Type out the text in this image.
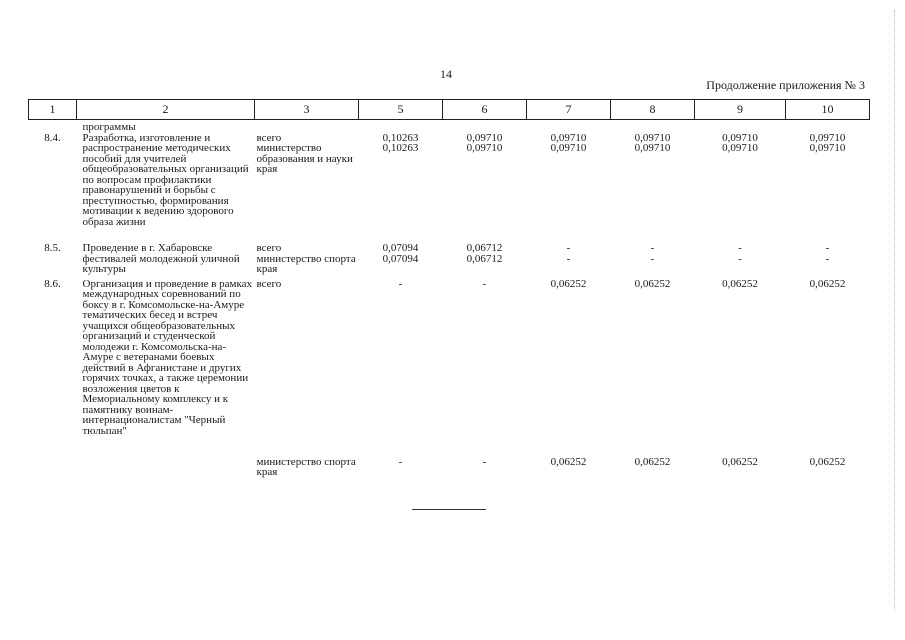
14
Продолжение приложения № 3
1	2	3	5	6	7	8	9	10
	программы							
8.4.	Разработка, изготовление и распространение методических пособий для учителей общеобразовательных организаций по вопросам профилактики правонарушений и борьбы с преступностью, формирования мотивации к ведению здорового образа жизни	всего	0,10263	0,09710	0,09710	0,09710	0,09710	0,09710
		министерство образования и науки края	0,10263	0,09710	0,09710	0,09710	0,09710	0,09710

8.5.	Проведение в г. Хабаровске фестивалей молодежной уличной культуры	всего	0,07094	0,06712	-	-	-	-
		министерство спорта края	0,07094	0,06712	-	-	-	-

8.6.	Организация и проведение в рамках международных соревнований по боксу в г. Комсомольске-на-Амуре тематических бесед и встреч учащихся общеобразовательных организаций и студенческой молодежи г. Комсомольска-на-Амуре с ветеранами боевых действий в Афганистане и других горячих точках, а также церемонии возложения цветов к Мемориальному комплексу и к памятнику воинам-интернационалистам "Черный тюльпан"	всего	-	-	0,06252	0,06252	0,06252	0,06252
		министерство спорта края	-	-	0,06252	0,06252	0,06252	0,06252
